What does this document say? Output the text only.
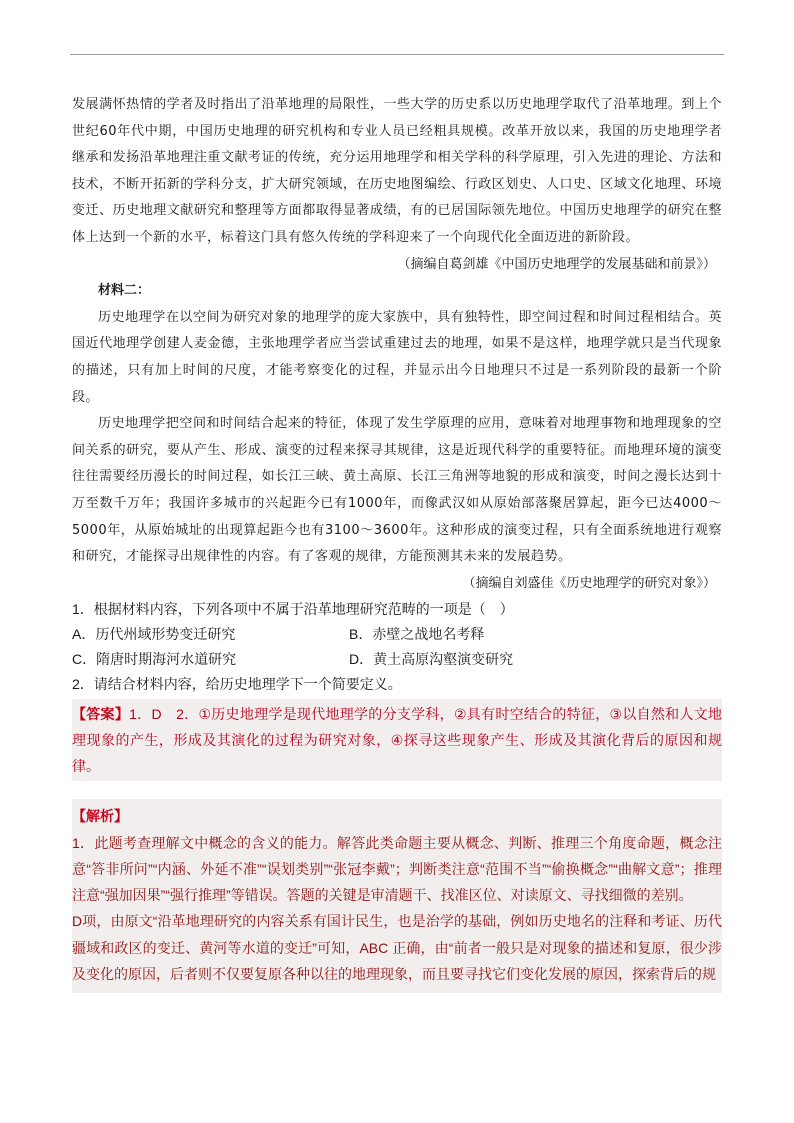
发展满怀热情的学者及时指出了沿革地理的局限性，一些大学的历史系以历史地理学取代了沿革地理。到上个世纪60年代中期，中国历史地理的研究机构和专业人员已经粗具规模。改革开放以来，我国的历史地理学者继承和发扬沿革地理注重文献考证的传统，充分运用地理学和相关学科的科学原理，引入先进的理论、方法和技术，不断开拓新的学科分支，扩大研究领域，在历史地图编绘、行政区划史、人口史、区域文化地理、环境变迁、历史地理文献研究和整理等方面都取得显著成绩，有的已居国际领先地位。中国历史地理学的研究在整体上达到一个新的水平，标着这门具有悠久传统的学科迎来了一个向现代化全面迈进的新阶段。

（摘编自葛剑雄《中国历史地理学的发展基础和前景》）

材料二：

历史地理学在以空间为研究对象的地理学的庞大家族中，具有独特性，即空间过程和时间过程相结合。英国近代地理学创建人麦金德，主张地理学者应当尝试重建过去的地理，如果不是这样，地理学就只是当代现象的描述，只有加上时间的尺度，才能考察变化的过程，并显示出今日地理只不过是一系列阶段的最新一个阶段。

历史地理学把空间和时间结合起来的特征，体现了发生学原理的应用，意味着对地理事物和地理现象的空间关系的研究，要从产生、形成、演变的过程来探寻其规律，这是近现代科学的重要特征。而地理环境的演变往往需要经历漫长的时间过程，如长江三峡、黄土高原、长江三角洲等地貌的形成和演变，时间之漫长达到十万至数千万年；我国许多城市的兴起距今已有1000年，而像武汉如从原始部落聚居算起，距今已达4000～5000年，从原始城址的出现算起距今也有3100～3600年。这种形成的演变过程，只有全面系统地进行观察和研究，才能探寻出规律性的内容。有了客观的规律，方能预测其未来的发展趋势。

（摘编自刘盛佳《历史地理学的研究对象》）

1．根据材料内容，下列各项中不属于沿革地理研究范畴的一项是（　）

A．历代州域形势变迁研究	B．赤壁之战地名考释
C．隋唐时期海河水道研究	D．黄土高原沟壑演变研究

2．请结合材料内容，给历史地理学下一个简要定义。

【答案】1．D　2．①历史地理学是现代地理学的分支学科，②具有时空结合的特征，③以自然和人文地理现象的产生，形成及其演化的过程为研究对象，④探寻这些现象产生、形成及其演化背后的原因和规律。

【解析】

1．此题考查理解文中概念的含义的能力。解答此类命题主要从概念、判断、推理三个角度命题，概念注意“答非所问”“内涵、外延不准”“误划类别”“张冠李戴”；判断类注意“范围不当”“偷换概念”“曲解文意”；推理注意“强加因果”“强行推理”等错误。答题的关键是审清题干、找准区位、对读原文、寻找细微的差别。

D项，由原文“沿革地理研究的内容关系有国计民生，也是治学的基础，例如历史地名的注释和考证、历代疆域和政区的变迁、黄河等水道的变迁”可知，ABC 正确，由“前者一般只是对现象的描述和复原，很少涉及变化的原因，后者则不仅要复原各种以往的地理现象，而且要寻找它们变化发展的原因，探索背后的规
